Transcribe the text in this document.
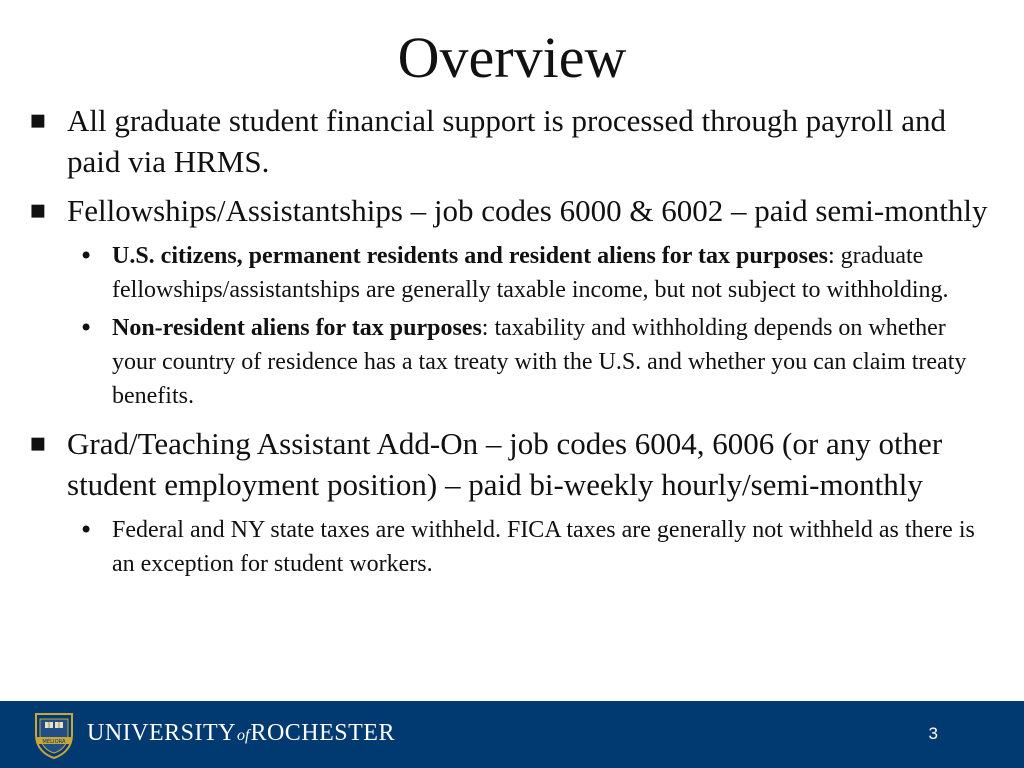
Overview
▪ All graduate student financial support is processed through payroll and paid via HRMS.
▪ Fellowships/Assistantships – job codes 6000 & 6002 – paid semi-monthly
• U.S. citizens, permanent residents and resident aliens for tax purposes: graduate fellowships/assistantships are generally taxable income, but not subject to withholding.
• Non-resident aliens for tax purposes: taxability and withholding depends on whether your country of residence has a tax treaty with the U.S. and whether you can claim treaty benefits.
▪ Grad/Teaching Assistant Add-On – job codes 6004, 6006 (or any other student employment position) – paid bi-weekly hourly/semi-monthly
• Federal and NY state taxes are withheld. FICA taxes are generally not withheld as there is an exception for student workers.
MELIORA UNIVERSITYofROCHESTER	3
